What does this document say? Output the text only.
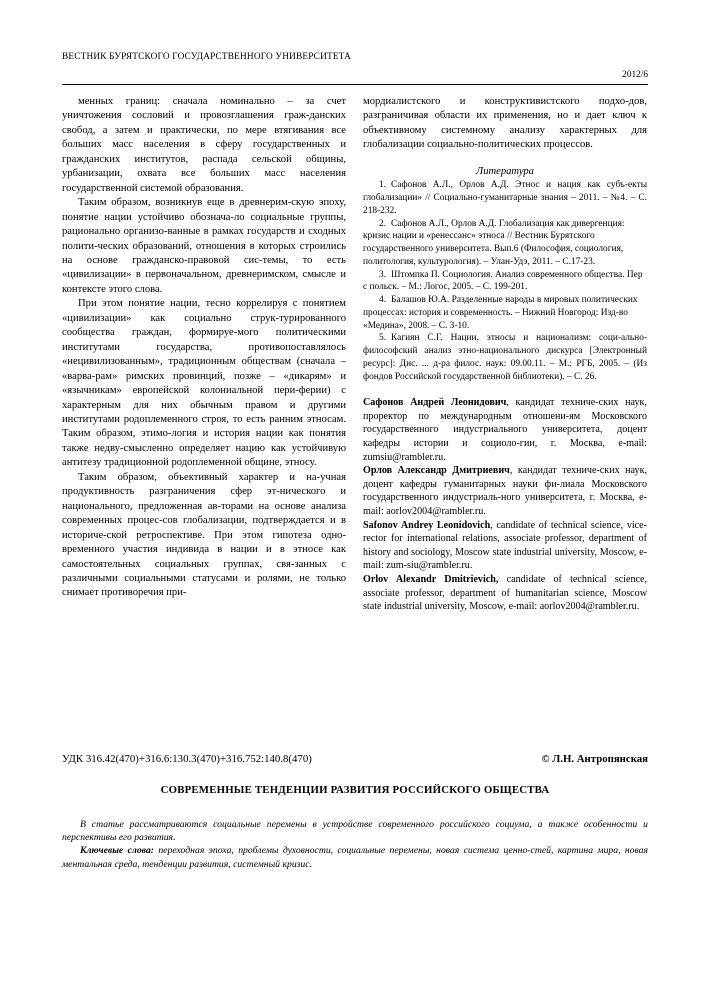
ВЕСТНИК БУРЯТСКОГО ГОСУДАРСТВЕННОГО УНИВЕРСИТЕТА
2012/6

менных границ: сначала номинально – за счет уничтожения сословий и провозглашения граж-данских свобод, а затем и практически, по мере втягивания все больших масс населения в сферу государственных и гражданских институтов, распада сельской общины, урбанизации, охвата все больших масс населения государственной системой образования.

Таким образом, возникнув еще в древнерим-скую эпоху, понятие нации устойчиво обознача-ло социальные группы, рационально организо-ванные в рамках государств и сходных полити-ческих образований, отношения в которых строились на основе гражданско-правовой сис-темы, то есть «цивилизации» в первоначальном, древнеримском, смысле и контексте этого слова.

При этом понятие нации, тесно коррелируя с понятием «цивилизации» как социально струк-турированного сообщества граждан, формируе-мого политическими институтами государства, противопоставлялось «нецивилизованным», традиционным обществам (сначала – «варва-рам» римских провинций, позже – «дикарям» и «язычникам» европейской колониальной пери-ферии) с характерным для них обычным правом и другими институтами родоплеменного строя, то есть ранним этносам. Таким образом, этимо-логия и история нации как понятия также недву-смысленно определяет нацию как устойчивую антитезу традиционной родоплеменной общине, этносу.

Таким образом, объективный характер и на-учная продуктивность разграничения сфер эт-нического и национального, предложенная ав-торами на основе анализа современных процес-сов глобализации, подтверждается и в историче-ской ретроспективе. При этом гипотеза одно-временного участия индивида в нации и в этносе как самостоятельных социальных группах, свя-занных с различными социальными статусами и ролями, не только снимает противоречия при-

мордиалистского и конструктивистского подхо-дов, разграничивая области их применения, но и дает ключ к объективному системному анализу характерных для глобализации социально-политических процессов.

Литература

1. Сафонов А.Л., Орлов А.Д. Этнос и нация как субъ-екты глобализации» // Социально-гуманитарные знания – 2011. – №4. – С. 218-232.

2. Сафонов А.Л., Орлов А.Д. Глобализация как дивергенция: кризис нации и «ренессанс» этноса // Вестник Бурятского государственного университета. Вып.6 (Философия, социология, политология, культурология). – Улан-Удэ, 2011. – С.17-23.

3. Штомпка П. Социология. Анализ современного общества. Пер с польск. – М.: Логос, 2005. – С. 199-201.

4. Балашов Ю.А. Разделенные народы в мировых политических процессах: история и современность. – Нижний Новгород: Изд-во «Медина», 2008. – С. 3-10.

5. Кагиян С.Г. Нации, этносы и национализм: соци-ально-философский анализ этно-национального дискурса [Электронный ресурс]: Дис. ... д-ра филос. наук: 09.00.11. – М.: РГБ, 2005. – (Из фондов Российской государственной библиотеки). – С. 26.

Сафонов Андрей Леонидович, кандидат техниче-ских наук, проректор по международным отношени-ям Московского государственного индустриального университета, доцент кафедры истории и социоло-гии, г. Москва, e-mail: zumsiu@rambler.ru.

Орлов Александр Дмитриевич, кандидат техниче-ских наук, доцент кафедры гуманитарных науки фи-лиала Московского государственного индустриаль-ного университета, г. Москва, e-mail: aorlov2004@rambler.ru.

Safonov Andrey Leonidovich, candidate of technical science, vice-rector for international relations, associate professor, department of history and sociology, Moscow state industrial university, Moscow, e-mail: zum-siu@rambler.ru.

Orlov Alexandr Dmitrievich, candidate of technical science, associate professor, department of humanitarian science, Moscow state industrial university, Moscow, e-mail: aorlov2004@rambler.ru.

УДК 316.42(470)+316.6:130.3(470)+316.752:140.8(470)	© Л.Н. Антропянская
СОВРЕМЕННЫЕ ТЕНДЕНЦИИ РАЗВИТИЯ РОССИЙСКОГО ОБЩЕСТВА

В статье рассматриваются социальные перемены в устройстве современного российского социума, а также особенности и перспективы его развития.

Ключевые слова: переходная эпоха, проблемы духовности, социальные перемены, новая система ценно-стей, картина мира, новая ментальная среда, тенденции развития, системный кризис.
